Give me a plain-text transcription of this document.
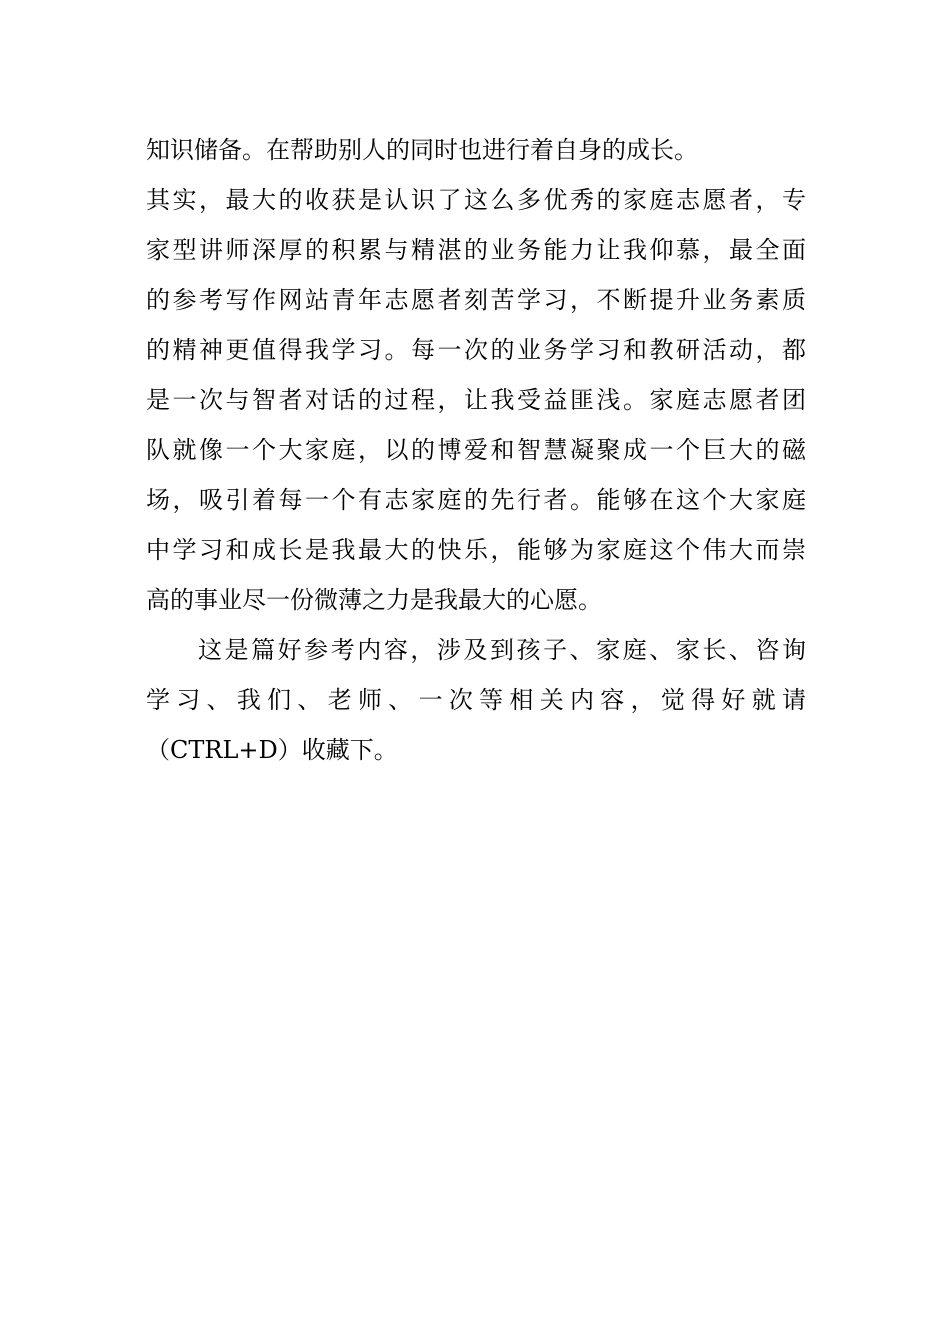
知识储备。在帮助别人的同时也进行着自身的成长。
其实，最大的收获是认识了这么多优秀的家庭志愿者，专
家型讲师深厚的积累与精湛的业务能力让我仰慕，最全面
的参考写作网站青年志愿者刻苦学习，不断提升业务素质
的精神更值得我学习。每一次的业务学习和教研活动，都
是一次与智者对话的过程，让我受益匪浅。家庭志愿者团
队就像一个大家庭，以的博爱和智慧凝聚成一个巨大的磁
场，吸引着每一个有志家庭的先行者。能够在这个大家庭
中学习和成长是我最大的快乐，能够为家庭这个伟大而崇
高的事业尽一份微薄之力是我最大的心愿。
这是篇好参考内容，涉及到孩子、家庭、家长、咨询
学习、我们、老师、一次等相关内容，觉得好就请
（CTRL+D）收藏下。
